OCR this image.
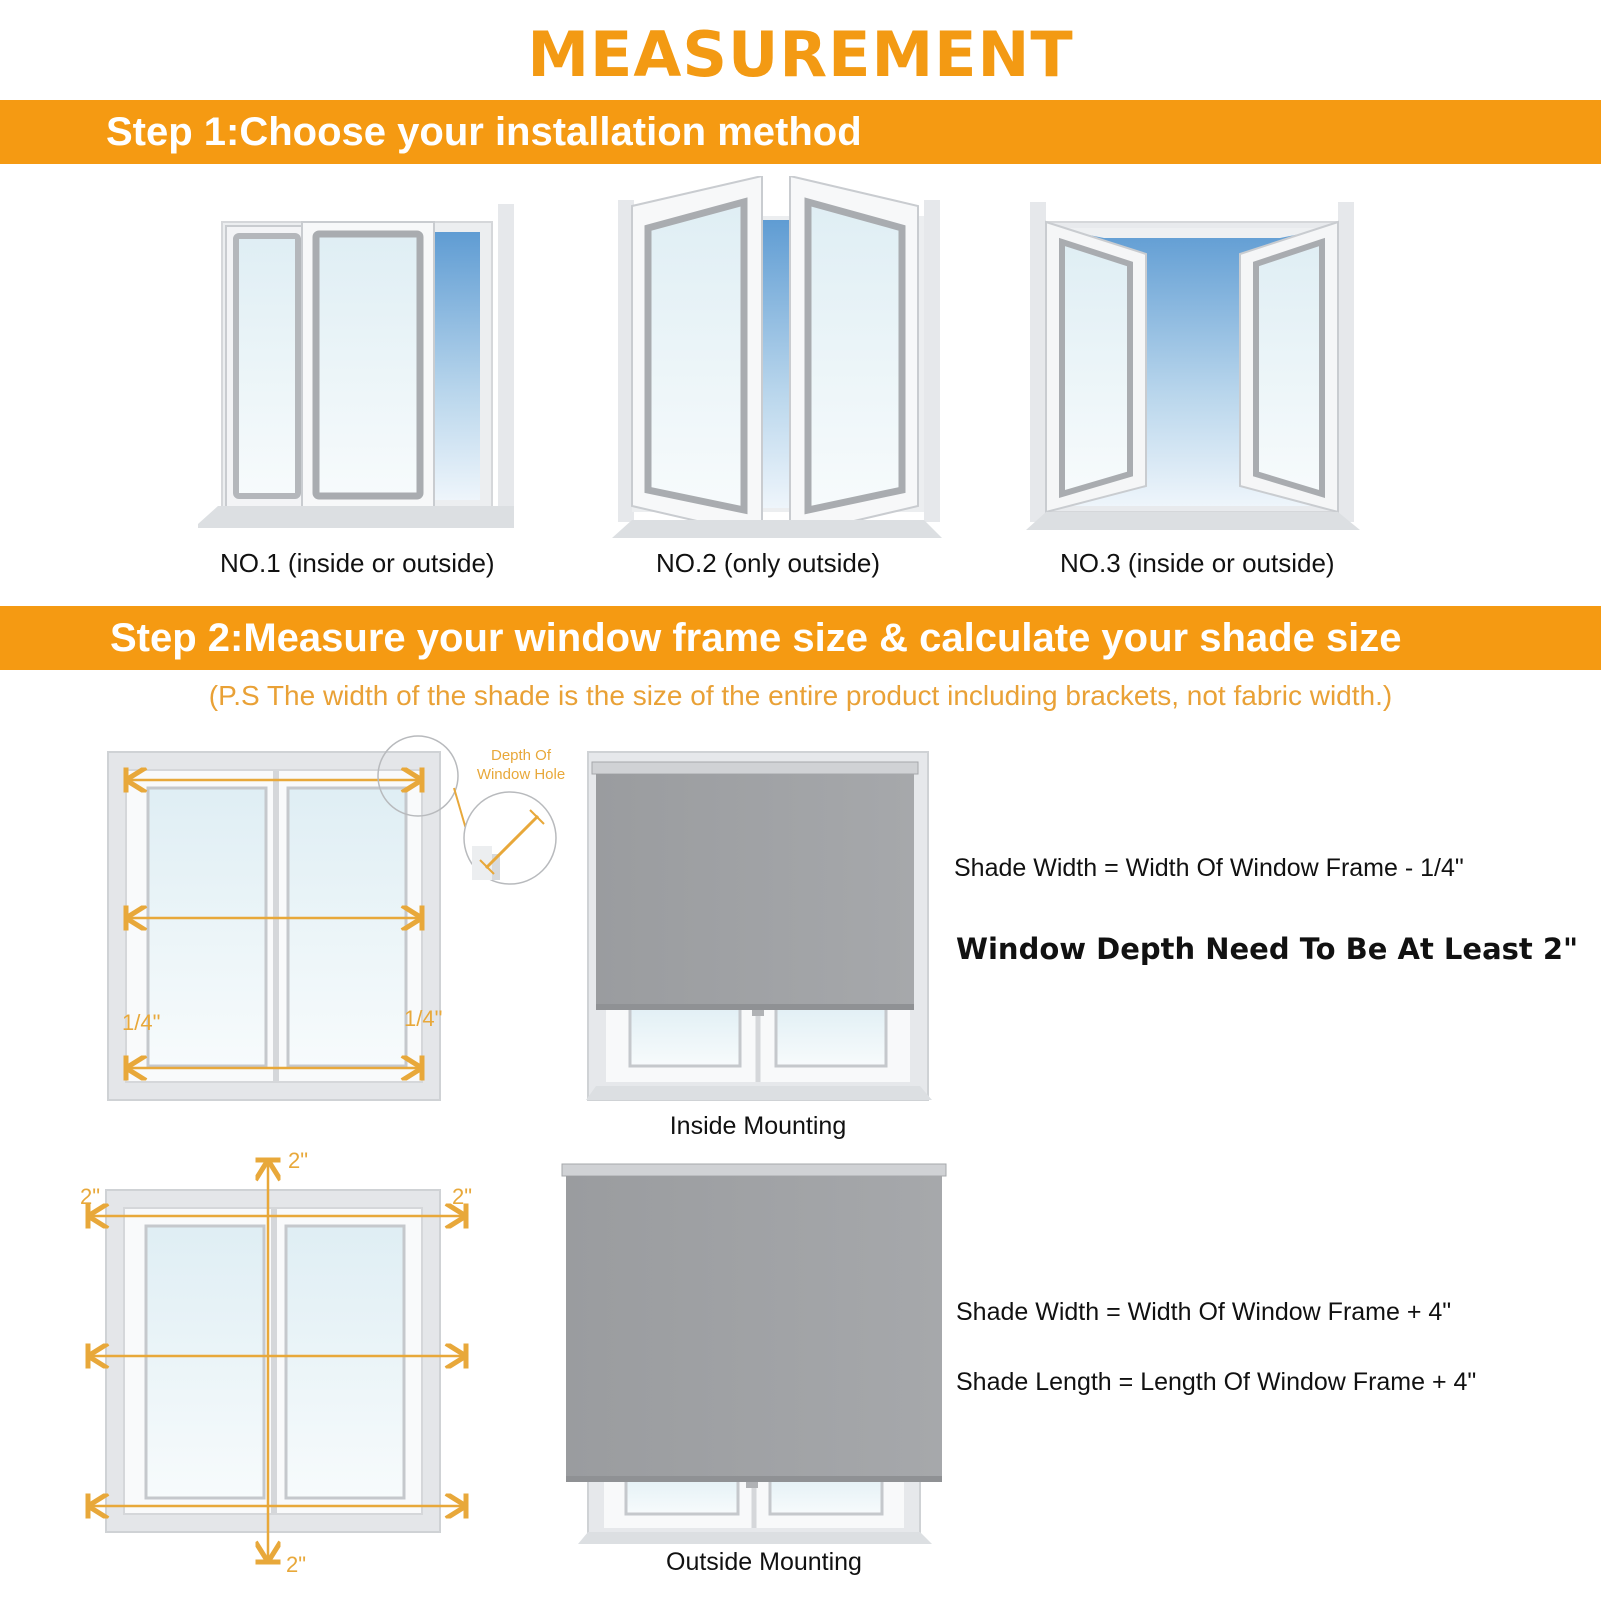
MEASUREMENT
Step 1:Choose your installation method
NO.1 (inside or outside)	NO.2 (only outside)	NO.3 (inside or outside)
Step 2:Measure your window frame size & calculate your shade size
(P.S The width of the shade is the size of the entire product including brackets, not fabric width.)
1/4"	1/4"
Depth Of
Window Hole
Inside Mounting
Shade Width = Width Of Window Frame - 1/4"
Window Depth Need To Be At Least 2"
2"
2"
2"	2"
Outside Mounting
Shade Width = Width Of Window Frame + 4"
Shade Length = Length Of Window Frame + 4"
